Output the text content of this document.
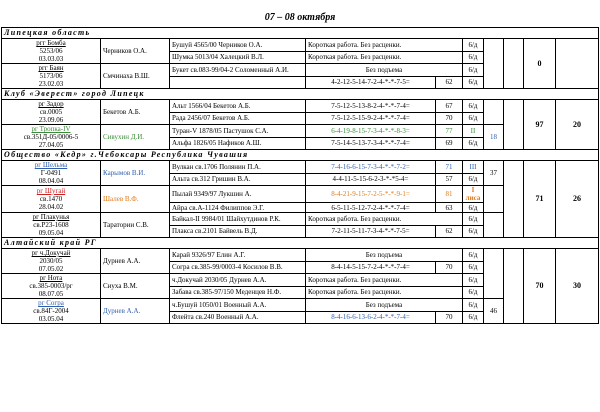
07 – 08 октября
Липецкая область									
ргг Бомба
5253/06
03.03.03	Черников О.А.	Бушуй 4565/00 Черников О.А.	Короткая работа. Без расценки.		6/д			0	
		Шумка 5013/04 Халецкий В.Л.	Короткая работа. Без расценки.		6/д				
ргг Баян
5173/06
23.02.03	Смчинаха В.Ш.	Букет св.083-99/04-2 Соломенный А.И.	Без подъема		6/д				
			4-2-12-5-14-7-2-4-*-*-7-5=	62	6/д				
Клуб «Эверест» город Липецк									
рг Задор
св.0005
23.09.06	Бекетов А.Б.	Альт 1566/04 Бекетов А.Б.	7-5-12-5-13-8-2-4-*-*-7-4=	67	6/д			97	20
		Рада 2456/07 Бекетов А.Б.	7-5-12-5-15-9-2-4-*-*-7-4=	70	6/д				
рг Тропка-IV
св.351Д-05/0006-5
27.04.05	Сивухин Д.И.	Туран-V 1878/05 Пастушок С.А.	6-4-19-8-15-7-3-4-*-*-8-3=	77	II	18			
		Альфа 1826/05 Нафиков А.Ш.	7-5-14-5-13-7-3-4-*-*-7-4=	69	6/д				
Общество «Кедр» г.Чебоксары Республика Чувашия									
рг Шельма
Г-0491
08.04.04	Карымов В.И.	Вулкан св.1706 Полянин П.А.	7-4-16-6-15-7-3-4-*-*-7-2=	71	III	37		71	26
		Альта св.312 Гришин В.А.	4-4-11-5-15-6-2-3-*-*5-4=	57	6/д				
рг Шугай
св.1470
28.04.02	Шалев В.Ф.	Пылай 9349/97 Лукшин А.	8-4-21-9-15-7-2-5-*-*-9-1=	81	I
лиса				
		Айра св.А-1124 Филиппов Э.Г.	6-5-11-5-12-7-2-4-*-*-7-4=	63	6/д				
рг Плакунья
св.Р23-1608
09.05.04	Таратории С.В.	Байкал-II 9984/01 Шайхутдинов Р.К.	Короткая работа. Без расценки.		6/д				
		Плакса св.2101 Байвель В.Д.	7-2-11-5-11-7-3-4-*-*-7-5=	62	6/д				
Алтайский край РГ									
рг ч.Докучай
2030/05
07.05.02	Дурнев А.А.	Карай 9326/97 Елин А.Г.	Без подъема		6/д			70	30
		Согра св.385-99/0003-4 Косилов В.В.	8-4-14-5-15-7-2-4-*-*-7-4=	70	6/д				
рг Нота
св.385-0003/рг
08.07.05	Сиуха В.М.	ч.Докучай 2030/05 Дурнев А.А.	Короткая работа. Без расценки.		6/д				
		Забава св.385-97/150 Меденцев Н.Ф.	Короткая работа. Без расценки.		6/д				
рг Согра
св.84Г-2004
03.05.04	Дурнев А.А.	ч.Бушуй 1050/01 Военный А.А.	Без подъема		6/д	46			
		Флейта св.240 Военный А.А.	8-4-16-6-13-6-2-4-*-*-7-4=	70	6/д				
